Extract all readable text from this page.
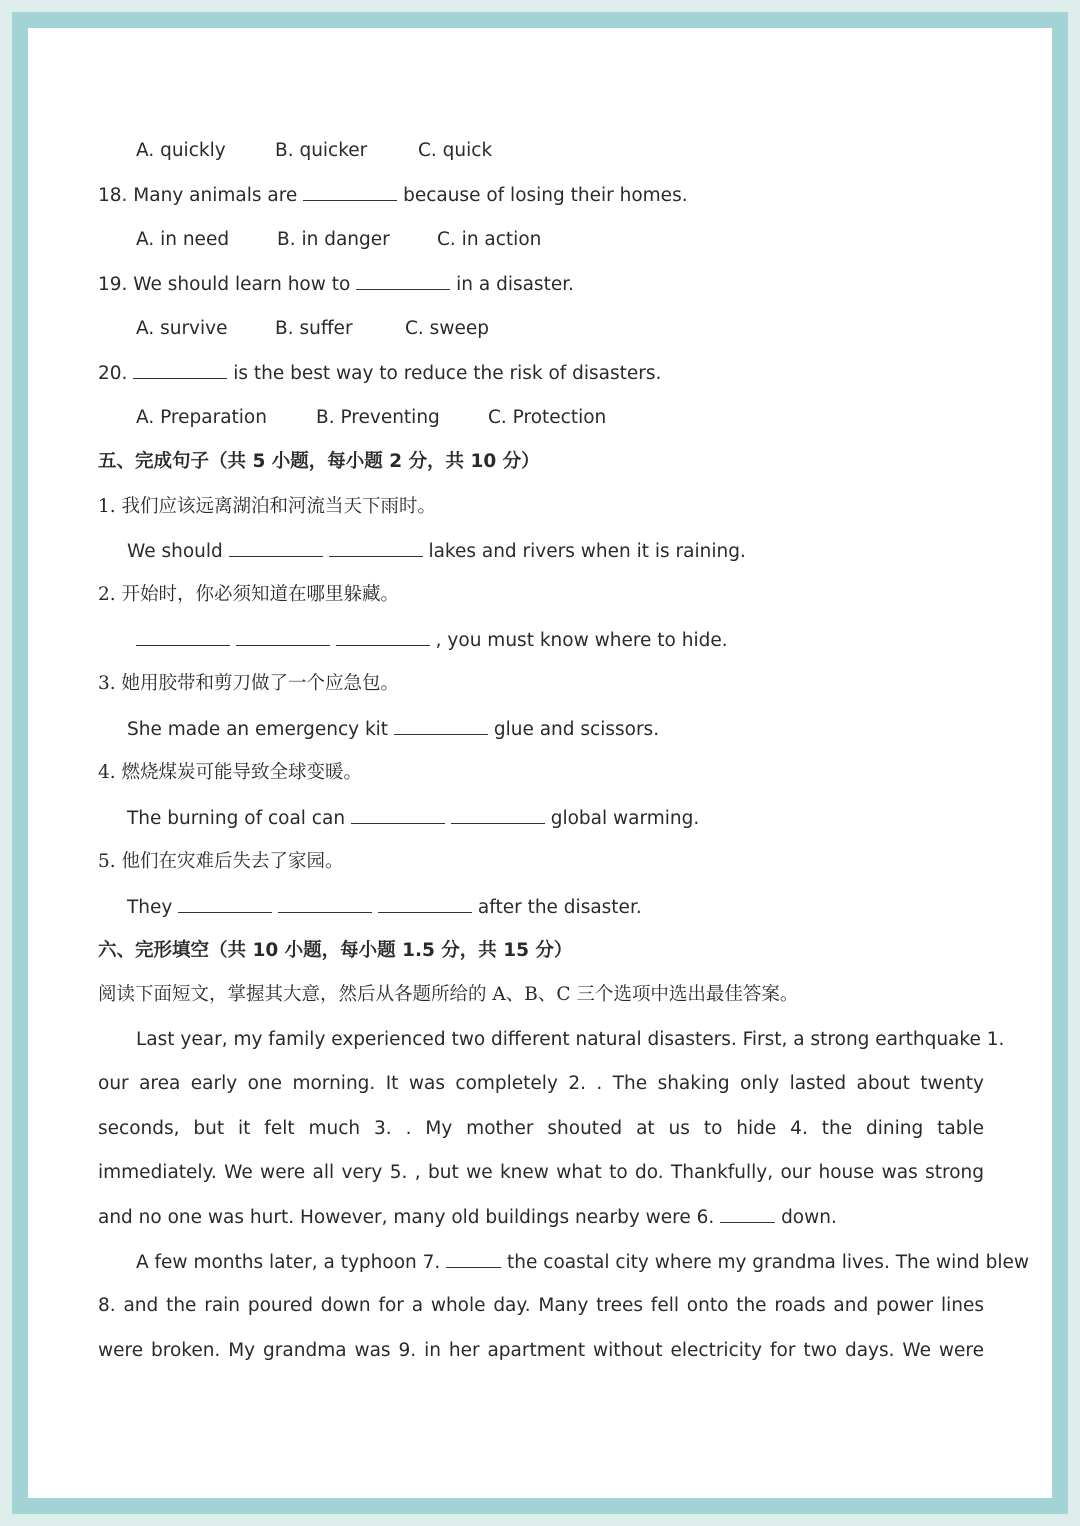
A. quickly	B. quicker	C. quick
18. Many animals are	because of losing their homes.
A. in need	B. in danger	C. in action
19. We should learn how to	in a disaster.
A. survive	B. suffer	C. sweep
20.	is the best way to reduce the risk of disasters.
A. Preparation	B. Preventing	C. Protection
五、完成句子（共 5 小题，每小题 2 分，共 10 分）
1. 我们应该远离湖泊和河流当天下雨时。
We should	lakes and rivers when it is raining.
2. 开始时，你必须知道在哪里躲藏。
, you must know where to hide.
3. 她用胶带和剪刀做了一个应急包。
She made an emergency kit	glue and scissors.
4. 燃烧煤炭可能导致全球变暖。
The burning of coal can	global warming.
5. 他们在灾难后失去了家园。
They	after the disaster.
六、完形填空（共 10 小题，每小题 1.5 分，共 15 分）
阅读下面短文，掌握其大意，然后从各题所给的 A、B、C 三个选项中选出最佳答案。
Last year, my family experienced two different natural disasters. First, a strong earthquake 1.
our area early one morning. It was completely 2. . The shaking only lasted about twenty
seconds, but it felt much 3. . My mother shouted at us to hide 4. the dining table
immediately. We were all very 5. , but we knew what to do. Thankfully, our house was strong
and no one was hurt. However, many old buildings nearby were 6.	down.
A few months later, a typhoon 7.	the coastal city where my grandma lives. The wind blew
8. and the rain poured down for a whole day. Many trees fell onto the roads and power lines
were broken. My grandma was 9. in her apartment without electricity for two days. We were
